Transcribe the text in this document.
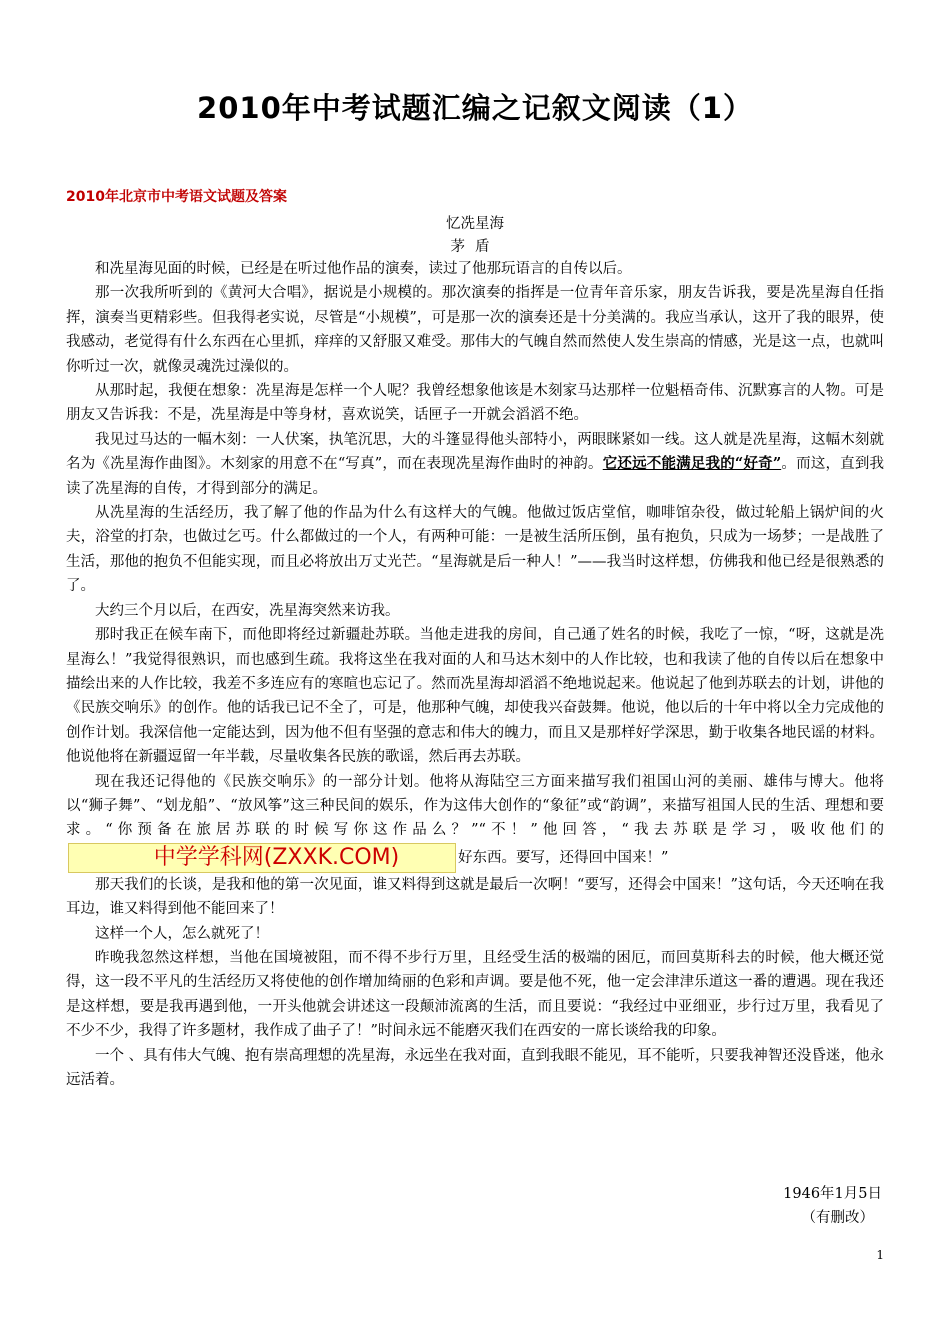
2010年中考试题汇编之记叙文阅读（1）
2010年北京市中考语文试题及答案
忆冼星海
茅盾

和冼星海见面的时候，已经是在听过他作品的演奏，读过了他那玩语言的自传以后。

那一次我所听到的《黄河大合唱》，据说是小规模的。那次演奏的指挥是一位青年音乐家，朋友告诉我，要是冼星海自任指挥，演奏当更精彩些。但我得老实说，尽管是“小规模”，可是那一次的演奏还是十分美满的。我应当承认，这开了我的眼界，使我感动，老觉得有什么东西在心里抓，痒痒的又舒服又难受。那伟大的气魄自然而然使人发生崇高的情感，光是这一点，也就叫你听过一次，就像灵魂洗过澡似的。

从那时起，我便在想象：冼星海是怎样一个人呢？我曾经想象他该是木刻家马达那样一位魁梧奇伟、沉默寡言的人物。可是朋友又告诉我：不是，冼星海是中等身材，喜欢说笑，话匣子一开就会滔滔不绝。

我见过马达的一幅木刻：一人伏案，执笔沉思，大的斗篷显得他头部特小，两眼眯紧如一线。这人就是冼星海，这幅木刻就名为《冼星海作曲图》。木刻家的用意不在“写真”，而在表现冼星海作曲时的神韵。它还远不能满足我的“好奇”。而这，直到我读了冼星海的自传，才得到部分的满足。

从冼星海的生活经历，我了解了他的作品为什么有这样大的气魄。他做过饭店堂倌，咖啡馆杂役，做过轮船上锅炉间的火夫，浴堂的打杂，也做过乞丐。什么都做过的一个人，有两种可能：一是被生活所压倒，虽有抱负，只成为一场梦；一是战胜了生活，那他的抱负不但能实现，而且必将放出万丈光芒。“星海就是后一种人！”——我当时这样想，仿佛我和他已经是很熟悉的了。

大约三个月以后，在西安，冼星海突然来访我。

那时我正在候车南下，而他即将经过新疆赴苏联。当他走进我的房间，自己通了姓名的时候，我吃了一惊，“呀，这就是冼星海么！”我觉得很熟识，而也感到生疏。我将这坐在我对面的人和马达木刻中的人作比较，也和我读了他的自传以后在想象中描绘出来的人作比较，我差不多连应有的寒暄也忘记了。然而冼星海却滔滔不绝地说起来。他说起了他到苏联去的计划，讲他的《民族交响乐》的创作。他的话我已记不全了，可是，他那种气魄，却使我兴奋鼓舞。他说，他以后的十年中将以全力完成他的创作计划。我深信他一定能达到，因为他不但有坚强的意志和伟大的魄力，而且又是那样好学深思，勤于收集各地民谣的材料。他说他将在新疆逗留一年半载，尽量收集各民族的歌谣，然后再去苏联。

现在我还记得他的《民族交响乐》的一部分计划。他将从海陆空三方面来描写我们祖国山河的美丽、雄伟与博大。他将以“狮子舞”、“划龙船”、“放风筝”这三种民间的娱乐，作为这伟大创作的“象征”或“韵调”，来描写祖国人民的生活、理想和要求。“你预备在旅居苏联的时候写你这作品么？”“不！”他回答，“我去苏联是学习，吸收他们的中学学科网(ZXXK.COM)	好东西。要写，还得回中国来！”

那天我们的长谈，是我和他的第一次见面，谁又料得到这就是最后一次啊！“要写，还得会中国来！”这句话，今天还响在我耳边，谁又料得到他不能回来了！

这样一个人，怎么就死了！

昨晚我忽然这样想，当他在国境被阻，而不得不步行万里，且经受生活的极端的困厄，而回莫斯科去的时候，他大概还觉得，这一段不平凡的生活经历又将使他的创作增加绮丽的色彩和声调。要是他不死，他一定会津津乐道这一番的遭遇。现在我还是这样想，要是我再遇到他，一开头他就会讲述这一段颠沛流离的生活，而且要说：“我经过中亚细亚，步行过万里，我看见了不少不少，我得了许多题材，我作成了曲子了！”时间永远不能磨灭我们在西安的一席长谈给我的印象。

一个 、具有伟大气魄、抱有崇高理想的冼星海，永远坐在我对面，直到我眼不能见，耳不能听，只要我神智还没昏迷，他永远活着。

1946年1月5日
（有删改）
1
